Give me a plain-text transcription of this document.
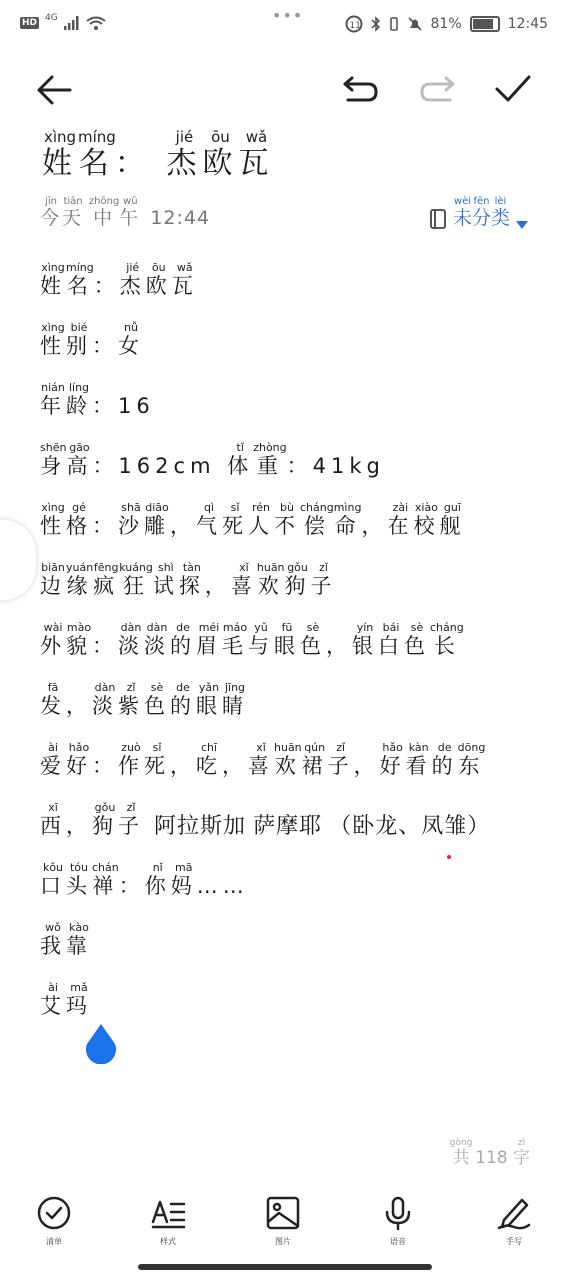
HD 4G	•••
11	81%	12:45
姓xìng名míng： 杰jié欧ōu瓦wǎ
今jīn天tiān 中zhōng午wǔ 12:44	未wèi分fēn类lèi
姓xìng名míng：杰jié欧ōu瓦wǎ
性xìng别bié：女nǚ
年nián龄líng：16
身shēn高gāo：162cm 体tǐ重zhòng：41kg
性xìng格gé：沙shā雕diāo，气qì死sǐ人rén不bù偿cháng命mìng，在zài校xiào舰guī
边biān缘yuán疯fēng狂kuáng试shì探tàn，喜xǐ欢huān狗gǒu子zǐ
外wài貌mào：淡dàn淡dàn的de眉méi毛máo与yǔ眼fū色sè，银yín白bái色sè长cháng
发fā，淡dàn紫zǐ色sè的de眼yǎn睛jīng
爱ài好hǎo：作zuò死sǐ，吃chī，喜xǐ欢huān裙qún子zǐ，好hǎo看kàn的de东dōng
西xī，狗gǒu子zǐ阿拉斯加 萨摩耶 （卧龙、凤雏）
口kǒu头tóu禅chán：你nǐ妈mā……
我wǒ靠kào
艾ài玛mǎ
共gòng 118 字zì
清单	样式	图片	语音	手写
